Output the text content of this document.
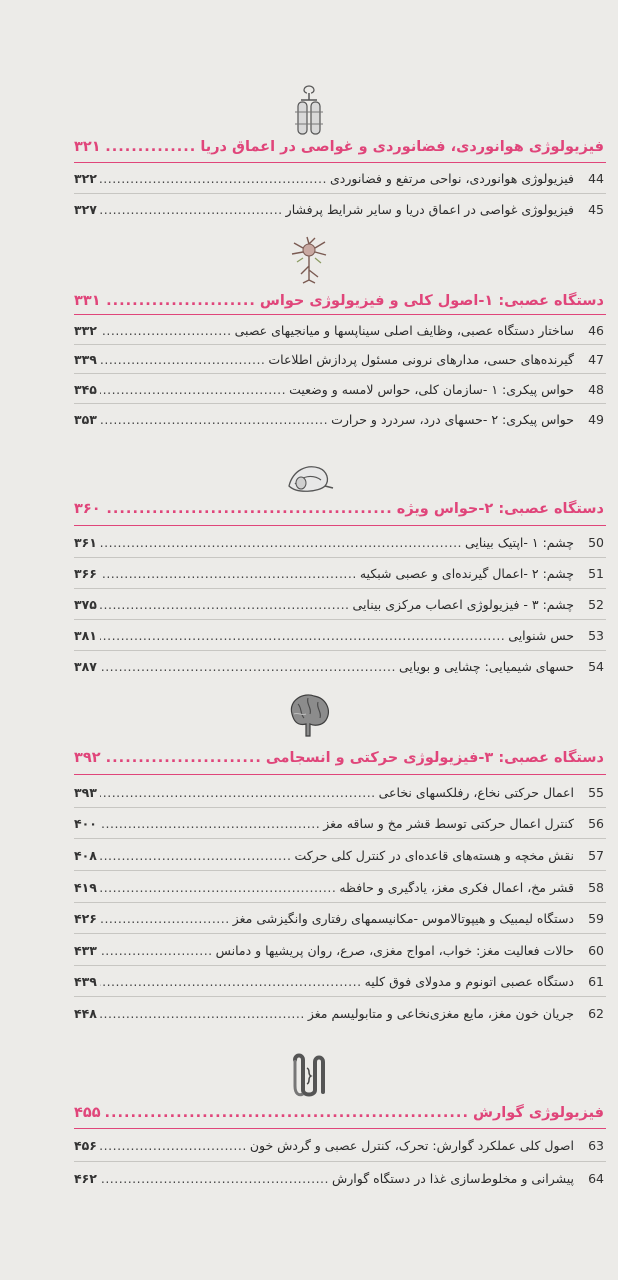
فیزیولوژی هوانوردی، فضانوردی و غواصی در اعماق دریا
.....
۳۲۱
44
فیزیولوژی هوانوردی، نواحی مرتفع و فضانوردی
.....
۳۲۲
45
فیزیولوژی غواصی در اعماق دریا و سایر شرایط پرفشار
.....
۳۲۷
دستگاه عصبی: ۱-اصول کلی و فیزیولوژی حواس
.....
۳۳۱
46
ساختار دستگاه عصبی، وظایف اصلی سیناپسها و میانجیهای عصبی
.....
۳۳۲
47
گیرنده‌های حسی، مدارهای نرونی مسئول پردازش اطلاعات
.....
۳۳۹
48
حواس پیکری: ۱ -سازمان کلی، حواس لامسه و وضعیت
.....
۳۴۵
49
حواس پیکری: ۲ -حسهای درد، سردرد و حرارت
.....
۳۵۳
دستگاه عصبی: ۲-حواس ویژه
.....
۳۶۰
50
چشم: ۱ -اپتیک بینایی
.....
۳۶۱
51
چشم: ۲ -اعمال گیرنده‌ای و عصبی شبکیه
.....
۳۶۶
52
چشم: ۳ - فیزیولوژی اعصاب مرکزی بینایی
.....
۳۷۵
53
حس شنوایی
.....
۳۸۱
54
حسهای شیمیایی: چشایی و بویایی
.....
۳۸۷
دستگاه عصبی: ۳-فیزیولوژی حرکتی و انسجامی
.....
۳۹۲
55
اعمال حرکتی نخاع، رفلکسهای نخاعی
.....
۳۹۳
56
کنترل اعمال حرکتی توسط قشر مخ و ساقه مغز
.....
۴۰۰
57
نقش مخچه و هسته‌های قاعده‌ای در کنترل کلی حرکت
.....
۴۰۸
58
قشر مخ، اعمال فکری مغز، یادگیری و حافظه
.....
۴۱۹
59
دستگاه لیمبیک و هیپوتالاموس -مکانیسمهای رفتاری وانگیزشی مغز
.....
۴۲۶
60
حالات فعالیت مغز: خواب، امواج مغزی، صرع، روان پریشیها و دمانس
.....
۴۳۳
61
دستگاه عصبی اتونوم و مدولای فوق کلیه
.....
۴۳۹
62
جریان خون مغز، مایع مغزی‌نخاعی و متابولیسم مغز
.....
۴۴۸
فیزیولوژی گوارش
.....
۴۵۵
63
اصول کلی عملکرد گوارش: تحرک، کنترل عصبی و گردش خون
.....
۴۵۶
64
پیشرانی و مخلوط‌سازی غذا در دستگاه گوارش
.....
۴۶۲
